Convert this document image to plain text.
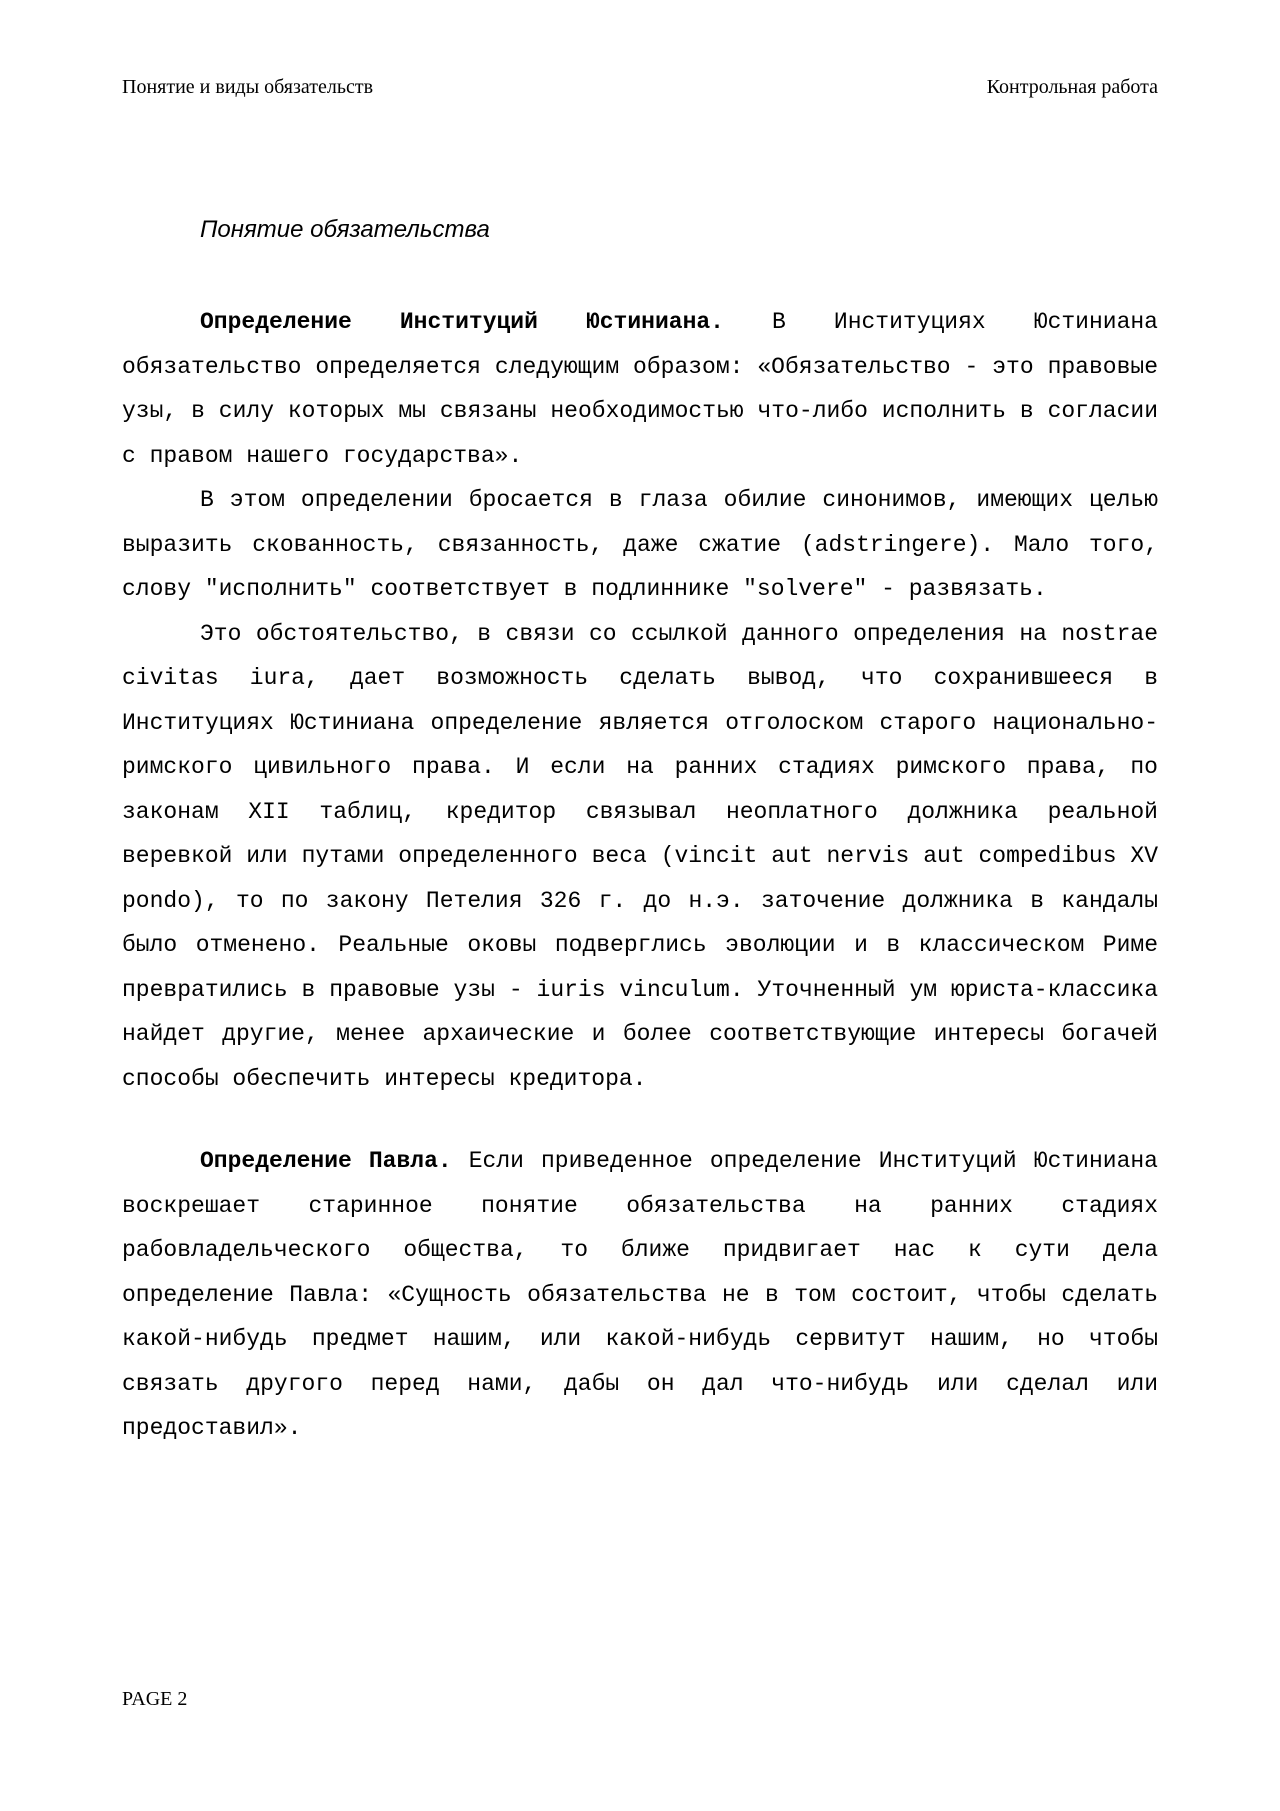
Понятие и виды обязательств	Контрольная работа
Понятие обязательства

Определение Институций Юстиниана. В Институциях Юстиниана обязательство определяется следующим образом: «Обязательство - это правовые узы, в силу которых мы связаны необходимостью что-либо исполнить в согласии с правом нашего государства».

В этом определении бросается в глаза обилие синонимов, имеющих целью выразить скованность, связанность, даже сжатие (adstringere). Мало того, слову "исполнить" соответствует в подлиннике "solvere" - развязать.

Это обстоятельство, в связи со ссылкой данного определения на nostrae civitas iura, дает возможность сделать вывод, что сохранившееся в Институциях Юстиниана определение является отголоском старого национально-римского цивильного права. И если на ранних стадиях римского права, по законам XII таблиц, кредитор связывал неоплатного должника реальной веревкой или путами определенного веса (vincit aut nervis aut compedibus XV pondo), то по закону Петелия 326 г. до н.э. заточение должника в кандалы было отменено. Реальные оковы подверглись эволюции и в классическом Риме превратились в правовые узы - iuris vinculum. Уточненный ум юриста-классика найдет другие, менее архаические и более соответствующие интересы богачей способы обеспечить интересы кредитора.

Определение Павла. Если приведенное определение Институций Юстиниана воскрешает старинное понятие обязательства на ранних стадиях рабовладельческого общества, то ближе придвигает нас к сути дела определение Павла: «Сущность обязательства не в том состоит, чтобы сделать какой-нибудь предмет нашим, или какой-нибудь сервитут нашим, но чтобы связать другого перед нами, дабы он дал что-нибудь или сделал или предоставил».

PAGE 2
